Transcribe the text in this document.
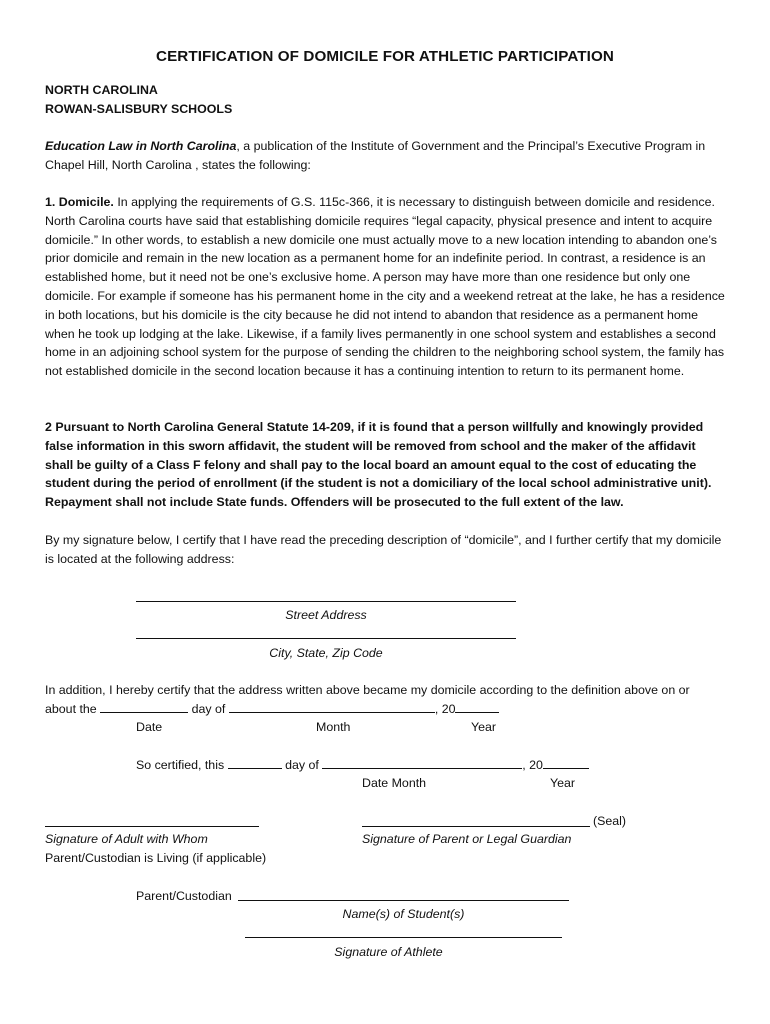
CERTIFICATION OF DOMICILE FOR ATHLETIC PARTICIPATION

NORTH CAROLINA

ROWAN-SALISBURY SCHOOLS

Education Law in North Carolina, a publication of the Institute of Government and the Principal’s Executive Program in Chapel Hill, North Carolina , states the following:

1. Domicile. In applying the requirements of G.S. 115c-366, it is necessary to distinguish between domicile and residence. North Carolina courts have said that establishing domicile requires “legal capacity, physical presence and intent to acquire domicile.” In other words, to establish a new domicile one must actually move to a new location intending to abandon one’s prior domicile and remain in the new location as a permanent home for an indefinite period. In contrast, a residence is an established home, but it need not be one’s exclusive home. A person may have more than one residence but only one domicile. For example if someone has his permanent home in the city and a weekend retreat at the lake, he has a residence in both locations, but his domicile is the city because he did not intend to abandon that residence as a permanent home when he took up lodging at the lake. Likewise, if a family lives permanently in one school system and establishes a second home in an adjoining school system for the purpose of sending the children to the neighboring school system, the family has not established domicile in the second location because it has a continuing intention to return to its permanent home.

2 Pursuant to North Carolina General Statute 14-209, if it is found that a person willfully and knowingly provided false information in this sworn affidavit, the student will be removed from school and the maker of the affidavit shall be guilty of a Class F felony and shall pay to the local board an amount equal to the cost of educating the student during the period of enrollment (if the student is not a domiciliary of the local school administrative unit). Repayment shall not include State funds. Offenders will be prosecuted to the full extent of the law.

By my signature below, I certify that I have read the preceding description of “domicile”, and I further certify that my domicile is located at the following address:

Street Address
City, State, Zip Code
In addition, I hereby certify that the address written above became my domicile according to the definition above on or
about the	day of	, 20
Date	Month	Year
So certified, this	day of	, 20
Date Month	Year
Signature of Adult with Whom
Parent/Custodian is Living (if applicable)
(Seal)
Signature of Parent or Legal Guardian
Parent/Custodian
Name(s) of Student(s)
Signature of Athlete
